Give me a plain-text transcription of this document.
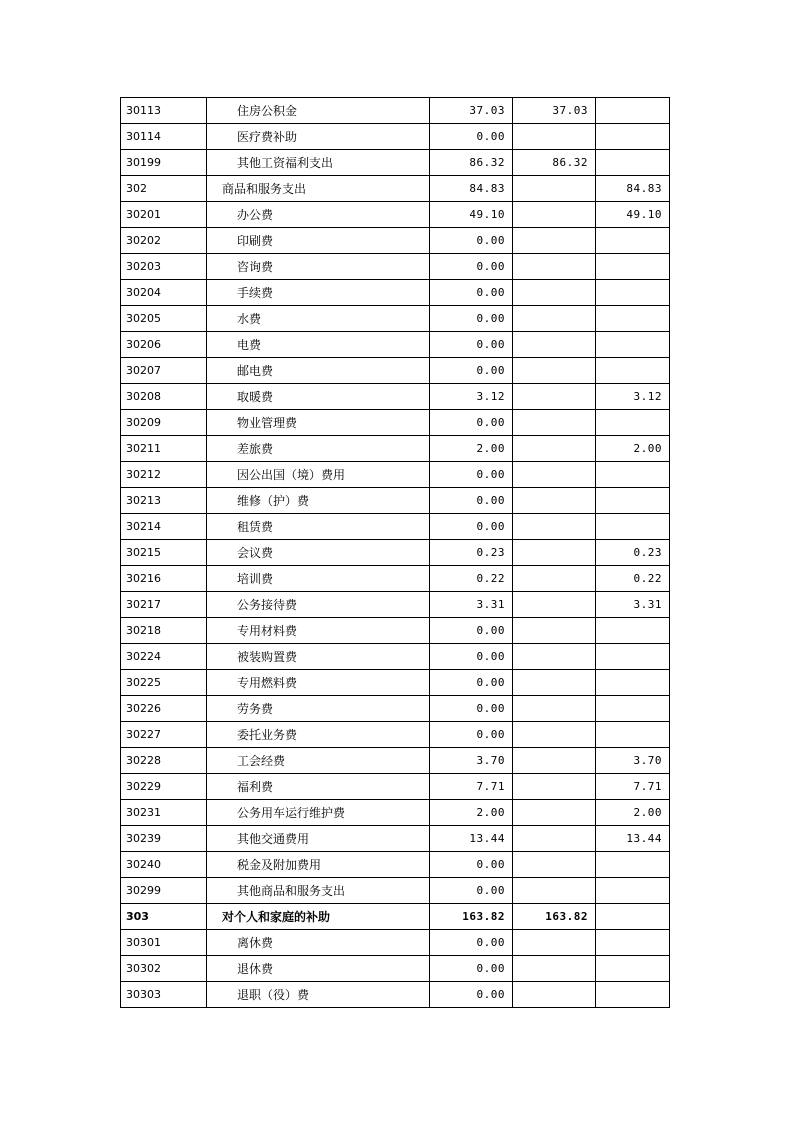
30113	住房公积金	37.03	37.03	
30114	医疗费补助	0.00		
30199	其他工资福利支出	86.32	86.32	
302	商品和服务支出	84.83		84.83
30201	办公费	49.10		49.10
30202	印刷费	0.00		
30203	咨询费	0.00		
30204	手续费	0.00		
30205	水费	0.00		
30206	电费	0.00		
30207	邮电费	0.00		
30208	取暖费	3.12		3.12
30209	物业管理费	0.00		
30211	差旅费	2.00		2.00
30212	因公出国（境）费用	0.00		
30213	维修（护）费	0.00		
30214	租赁费	0.00		
30215	会议费	0.23		0.23
30216	培训费	0.22		0.22
30217	公务接待费	3.31		3.31
30218	专用材料费	0.00		
30224	被装购置费	0.00		
30225	专用燃料费	0.00		
30226	劳务费	0.00		
30227	委托业务费	0.00		
30228	工会经费	3.70		3.70
30229	福利费	7.71		7.71
30231	公务用车运行维护费	2.00		2.00
30239	其他交通费用	13.44		13.44
30240	税金及附加费用	0.00		
30299	其他商品和服务支出	0.00		
303	对个人和家庭的补助	163.82	163.82	
30301	离休费	0.00		
30302	退休费	0.00		
30303	退职（役）费	0.00		
